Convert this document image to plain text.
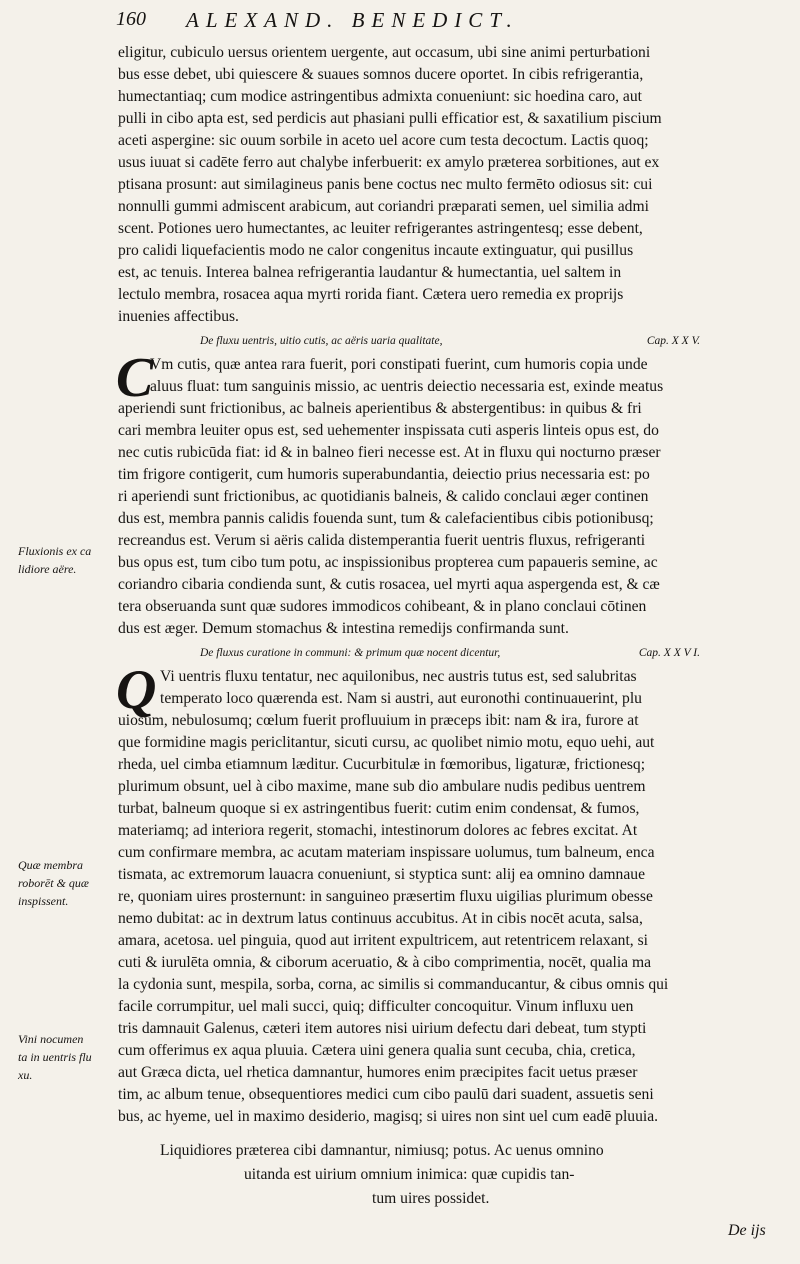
160 ALEXAND. BENEDICT.
eligitur, cubiculo uersus orientem uergente, aut occasum, ubi sine animi perturbationi
bus esse debet, ubi quiescere & suaues somnos ducere oportet. In cibis refrigerantia,
humectantiaq; cum modice astringentibus admixta conueniunt: sic hoedina caro, aut
pulli in cibo apta est, sed perdicis aut phasiani pulli efficatior est, & saxatilium piscium
aceti aspergine: sic ouum sorbile in aceto uel acore cum testa decoctum. Lactis quoq;
usus iuuat si cadēte ferro aut chalybe inferbuerit: ex amylo præterea sorbitiones, aut ex
ptisana prosunt: aut similagineus panis bene coctus nec multo fermēto odiosus sit: cui
nonnulli gummi admiscent arabicum, aut coriandri præparati semen, uel similia admi
scent. Potiones uero humectantes, ac leuiter refrigerantes astringentesq; esse debent,
pro calidi liquefacientis modo ne calor congenitus incaute extinguatur, qui pusillus
est, ac tenuis. Interea balnea refrigerantia laudantur & humectantia, uel saltem in
lectulo membra, rosacea aqua myrti rorida fiant. Cætera uero remedia ex proprijs
inuenies affectibus.
De fluxu uentris, uitio cutis, ac aëris uaria qualitate,	Cap. X X V.
C
Vm cutis, quæ antea rara fuerit, pori constipati fuerint, cum humoris copia unde
aluus fluat: tum sanguinis missio, ac uentris deiectio necessaria est, exinde meatus
aperiendi sunt frictionibus, ac balneis aperientibus & abstergentibus: in quibus & fri
cari membra leuiter opus est, sed uehementer inspissata cuti asperis linteis opus est, do
nec cutis rubicūda fiat: id & in balneo fieri necesse est. At in fluxu qui nocturno præser
tim frigore contigerit, cum humoris superabundantia, deiectio prius necessaria est: po
ri aperiendi sunt frictionibus, ac quotidianis balneis, & calido conclaui æger continen
dus est, membra pannis calidis fouenda sunt, tum & calefacientibus cibis potionibusq;
recreandus est. Verum si aëris calida distemperantia fuerit uentris fluxus, refrigeranti
bus opus est, tum cibo tum potu, ac inspissionibus propterea cum papaueris semine, ac
coriandro cibaria condienda sunt, & cutis rosacea, uel myrti aqua aspergenda est, & cæ
tera obseruanda sunt quæ sudores immodicos cohibeant, & in plano conclaui cōtinen
dus est æger. Demum stomachus & intestina remedijs confirmanda sunt.
De fluxus curatione in communi: & primum quæ nocent dicentur,	Cap. X X V I.
Q Vi uentris fluxu tentatur, nec aquilonibus, nec austris tutus est, sed salubritas
temperato loco quærenda est. Nam si austri, aut euronothi continuauerint, plu
uiosum, nebulosumq; cœlum fuerit profluuium in præceps ibit: nam & ira, furore at
que formidine magis periclitantur, sicuti cursu, ac quolibet nimio motu, equo uehi, aut
rheda, uel cimba etiamnum læditur. Cucurbitulæ in fœmoribus, ligaturæ, frictionesq;
plurimum obsunt, uel à cibo maxime, mane sub dio ambulare nudis pedibus uentrem
turbat, balneum quoque si ex astringentibus fuerit: cutim enim condensat, & fumos,
materiamq; ad interiora regerit, stomachi, intestinorum dolores ac febres excitat. At
cum confirmare membra, ac acutam materiam inspissare uolumus, tum balneum, enca
tismata, ac extremorum lauacra conueniunt, si styptica sunt: alij ea omnino damnaue
re, quoniam uires prosternunt: in sanguineo præsertim fluxu uigilias plurimum obesse
nemo dubitat: ac in dextrum latus continuus accubitus. At in cibis nocēt acuta, salsa,
amara, acetosa. uel pinguia, quod aut irritent expultricem, aut retentricem relaxant, si
cuti & iurulēta omnia, & ciborum aceruatio, & à cibo comprimentia, nocēt, qualia ma
la cydonia sunt, mespila, sorba, corna, ac similis si commanducantur, & cibus omnis qui
facile corrumpitur, uel mali succi, quiq; difficulter concoquitur. Vinum influxu uen
tris damnauit Galenus, cæteri item autores nisi uirium defectu dari debeat, tum stypti
cum offerimus ex aqua pluuia. Cætera uini genera qualia sunt cecuba, chia, cretica,
aut Græca dicta, uel rhetica damnantur, humores enim præcipites facit uetus præser
tim, ac album tenue, obsequentiores medici cum cibo paulū dari suadent, assuetis seni
bus, ac hyeme, uel in maximo desiderio, magisq; si uires non sint uel cum eadē pluuia.
Liquidiores præterea cibi damnantur, nimiusq; potus. Ac uenus omnino
uitanda est uirium omnium inimica: quæ cupidis tan-
tum uires possidet.
Fluxionis ex ca
lidiore aëre.
Quæ membra
roborēt & quæ
inspissent.
Vini nocumen
ta in uentris flu
xu.
De ijs
